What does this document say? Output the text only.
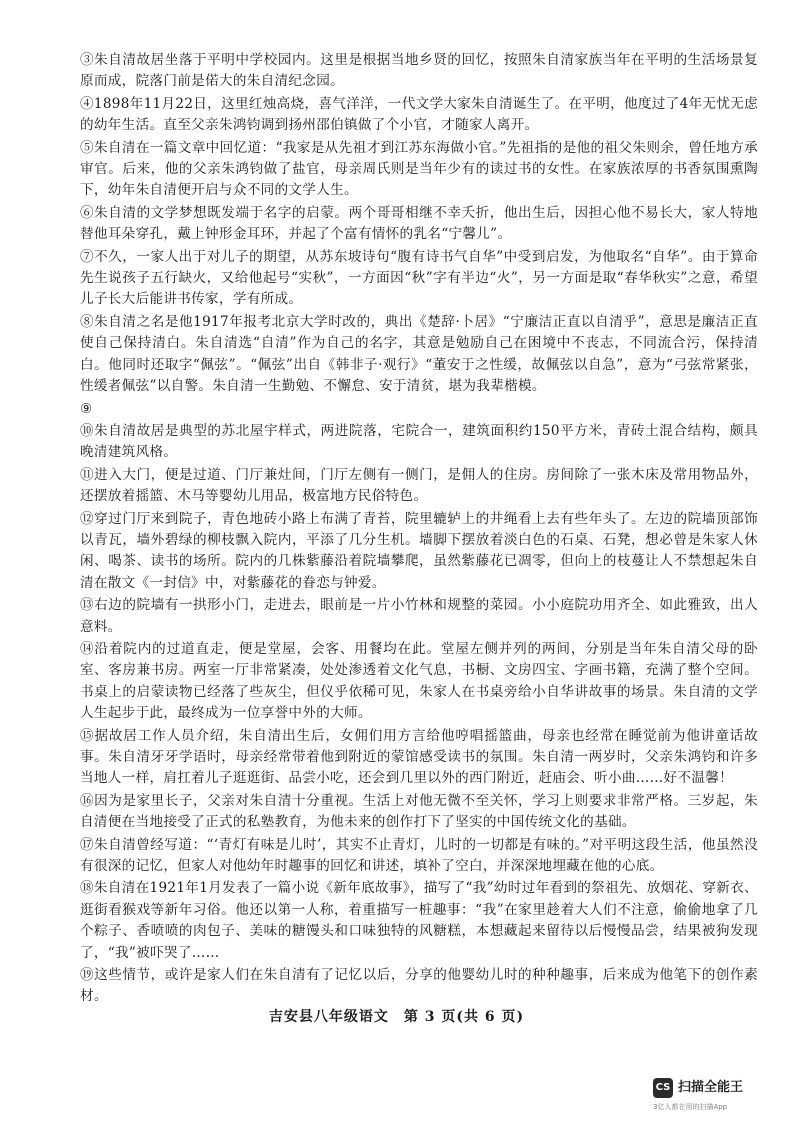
③朱自清故居坐落于平明中学校园内。这里是根据当地乡贤的回忆，按照朱自清家族当年在平明的生活场景复原而成，院落门前是偌大的朱自清纪念园。

④1898年11月22日，这里红烛高烧，喜气洋洋，一代文学大家朱自清诞生了。在平明，他度过了4年无忧无虑的幼年生活。直至父亲朱鸿钧调到扬州邵伯镇做了个小官，才随家人离开。

⑤朱自清在一篇文章中回忆道：“我家是从先祖才到江苏东海做小官。”先祖指的是他的祖父朱则余，曾任地方承审官。后来，他的父亲朱鸿钧做了盐官，母亲周氏则是当年少有的读过书的女性。在家族浓厚的书香氛围熏陶下，幼年朱自清便开启与众不同的文学人生。

⑥朱自清的文学梦想既发端于名字的启蒙。两个哥哥相继不幸夭折，他出生后，因担心他不易长大，家人特地替他耳朵穿孔，戴上钟形金耳环，并起了个富有情怀的乳名“宁馨儿”。

⑦不久，一家人出于对儿子的期望，从苏东坡诗句“腹有诗书气自华”中受到启发，为他取名“自华”。由于算命先生说孩子五行缺火，又给他起号“实秋”，一方面因“秋”字有半边“火”，另一方面是取“春华秋实”之意，希望儿子长大后能讲书传家，学有所成。

⑧朱自清之名是他1917年报考北京大学时改的，典出《楚辞·卜居》“宁廉洁正直以自清乎”，意思是廉洁正直使自己保持清白。朱自清选“自清”作为自己的名字，其意是勉励自己在困境中不丧志，不同流合污，保持清白。他同时还取字“佩弦”。“佩弦”出自《韩非子·观行》“董安于之性缓，故佩弦以自急”，意为“弓弦常紧张，性缓者佩弦”以自警。朱自清一生勤勉、不懈怠、安于清贫，堪为我辈楷模。

⑨

⑩朱自清故居是典型的苏北屋宇样式，两进院落，宅院合一，建筑面积约150平方米，青砖土混合结构，颇具晚清建筑风格。

⑪进入大门，便是过道、门厅兼灶间，门厅左侧有一侧门，是佣人的住房。房间除了一张木床及常用物品外，还摆放着摇篮、木马等婴幼儿用品，极富地方民俗特色。

⑫穿过门厅来到院子，青色地砖小路上布满了青苔，院里辘轳上的井绳看上去有些年头了。左边的院墙顶部饰以青瓦，墙外碧绿的柳枝飘入院内，平添了几分生机。墙脚下摆放着淡白色的石桌、石凳，想必曾是朱家人休闲、喝茶、读书的场所。院内的几株紫藤沿着院墙攀爬，虽然紫藤花已凋零，但向上的枝蔓让人不禁想起朱自清在散文《一封信》中，对紫藤花的眷恋与钟爱。

⑬右边的院墙有一拱形小门，走进去，眼前是一片小竹林和规整的菜园。小小庭院功用齐全、如此雅致，出人意料。

⑭沿着院内的过道直走，便是堂屋，会客、用餐均在此。堂屋左侧并列的两间，分别是当年朱自清父母的卧室、客房兼书房。两室一厅非常紧凑，处处渗透着文化气息，书橱、文房四宝、字画书籍，充满了整个空间。书桌上的启蒙读物已经落了些灰尘，但仪乎依稀可见，朱家人在书桌旁给小自华讲故事的场景。朱自清的文学人生起步于此，最终成为一位享誉中外的大师。

⑮据故居工作人员介绍，朱自清出生后，女佣们用方言给他哼唱摇篮曲，母亲也经常在睡觉前为他讲童话故事。朱自清牙牙学语时，母亲经常带着他到附近的蒙馆感受读书的氛围。朱自清一两岁时，父亲朱鸿钧和许多当地人一样，肩扛着儿子逛逛街、品尝小吃，还会到几里以外的西门附近，赶庙会、听小曲……好不温馨！

⑯因为是家里长子，父亲对朱自清十分重视。生活上对他无微不至关怀，学习上则要求非常严格。三岁起，朱自清便在当地接受了正式的私塾教育，为他未来的创作打下了坚实的中国传统文化的基础。

⑰朱自清曾经写道：“‘青灯有味是儿时’，其实不止青灯，儿时的一切都是有味的。”对平明这段生活，他虽然没有很深的记忆，但家人对他幼年时趣事的回忆和讲述，填补了空白，并深深地埋藏在他的心底。

⑱朱自清在1921年1月发表了一篇小说《新年底故事》，描写了“我”幼时过年看到的祭祖先、放烟花、穿新衣、逛街看猴戏等新年习俗。他还以第一人称，着重描写一桩趣事：“我”在家里趁着大人们不注意，偷偷地拿了几个粽子、香喷喷的肉包子、美味的糖馒头和口味独特的风糖糕，本想藏起来留待以后慢慢品尝，结果被狗发现了，“我”被吓哭了……

⑲这些情节，或许是家人们在朱自清有了记忆以后，分享的他婴幼儿时的种种趣事，后来成为他笔下的创作素材。

吉安县八年级语文　第 3 页(共 6 页)
CS 扫描全能王
3亿人都在用的扫描App
